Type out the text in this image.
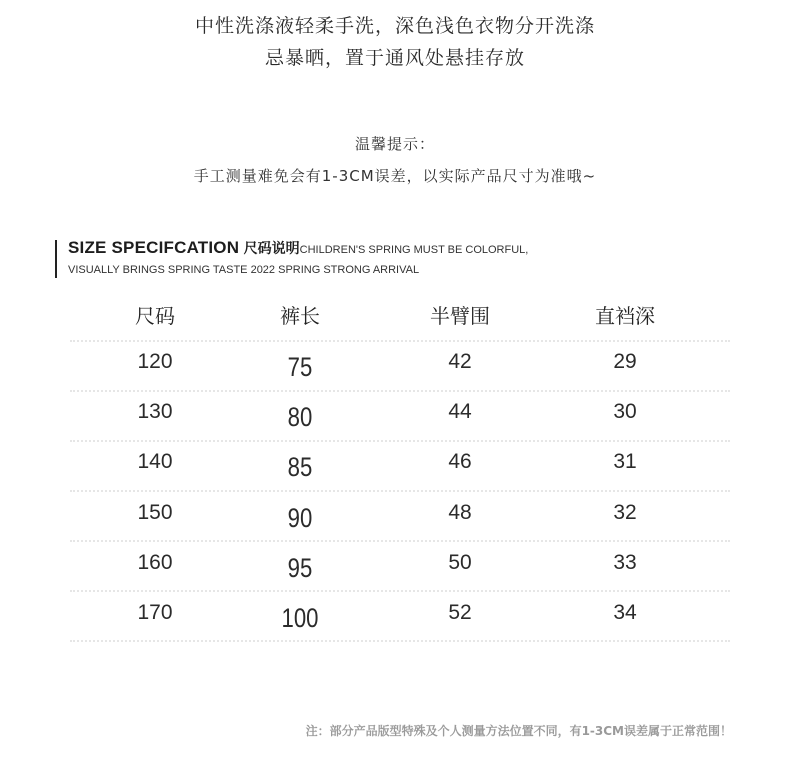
中性洗涤液轻柔手洗，深色浅色衣物分开洗涤
忌暴晒，置于通风处悬挂存放
温馨提示：
手工测量难免会有1-3CM误差，以实际产品尺寸为准哦~
SIZE SPECIFCATION 尺码说明CHILDREN'S SPRING MUST BE COLORFUL,
VISUALLY BRINGS SPRING TASTE 2022 SPRING STRONG ARRIVAL
尺码	裤长	半臂围	直裆深
120	75	42	29
130	80	44	30
140	85	46	31
150	90	48	32
160	95	50	33
170	100	52	34
注：部分产品版型特殊及个人测量方法位置不同，有1-3CM误差属于正常范围！
